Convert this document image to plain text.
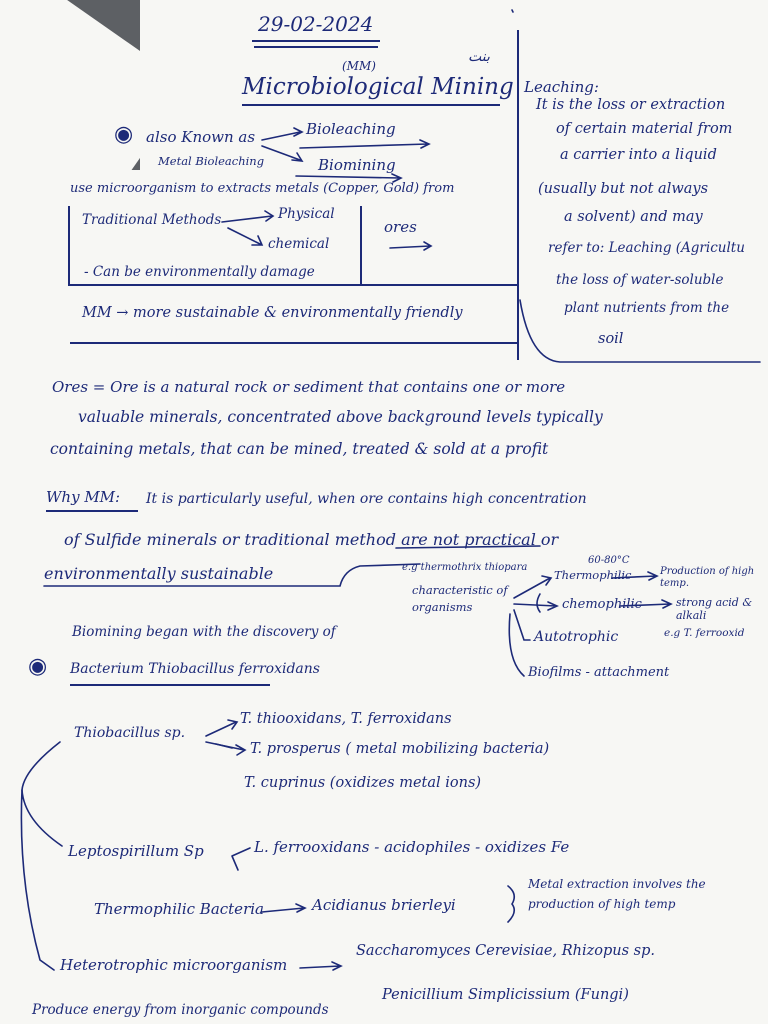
29-02-2024
(MM)
Microbiological Mining
بنت
Leaching:
It is the loss or extraction
of certain material from
a carrier into a liquid
(usually but not always
a solvent) and may
refer to: Leaching (Agricultu
the loss of water-soluble
plant nutrients from the
soil
◉ also Known as	Bioleaching
Metal Bioleaching	Biomining
use microorganism to extracts metals (Copper, Gold) from
Traditional Methods	Physical
chemical
ores
- Can be environmentally damage
MM → more sustainable & environmentally friendly
Ores = Ore is a natural rock or sediment that contains one or more
valuable minerals, concentrated above background levels typically
containing metals, that can be mined, treated & sold at a profit
Why MM: It is particularly useful, when ore contains high concentration
of Sulfide minerals or traditional method are not practical or
environmentally sustainable	e.g thermothrix thiopara
60-80°C
characteristic of organisms
Thermophilic	Production of high temp.
chemophilic	strong acid & alkali
e.g T. ferrooxid
Autotrophic
Biofilms - attachment
Biomining began with the discovery of
◉ Bacterium Thiobacillus ferroxidans
Thiobacillus sp.
T. thiooxidans, T. ferroxidans
T. prosperus ( metal mobilizing bacteria)
T. cuprinus (oxidizes metal ions)
Leptospirillum Sp	L. ferrooxidans - acidophiles - oxidizes Fe
Thermophilic Bacteria	Acidianus brierleyi
Metal extraction involves the
production of high temp
Heterotrophic microorganism
Saccharomyces Cerevisiae, Rhizopus sp.
Penicillium Simplicissium (Fungi)
Produce energy from inorganic compounds
